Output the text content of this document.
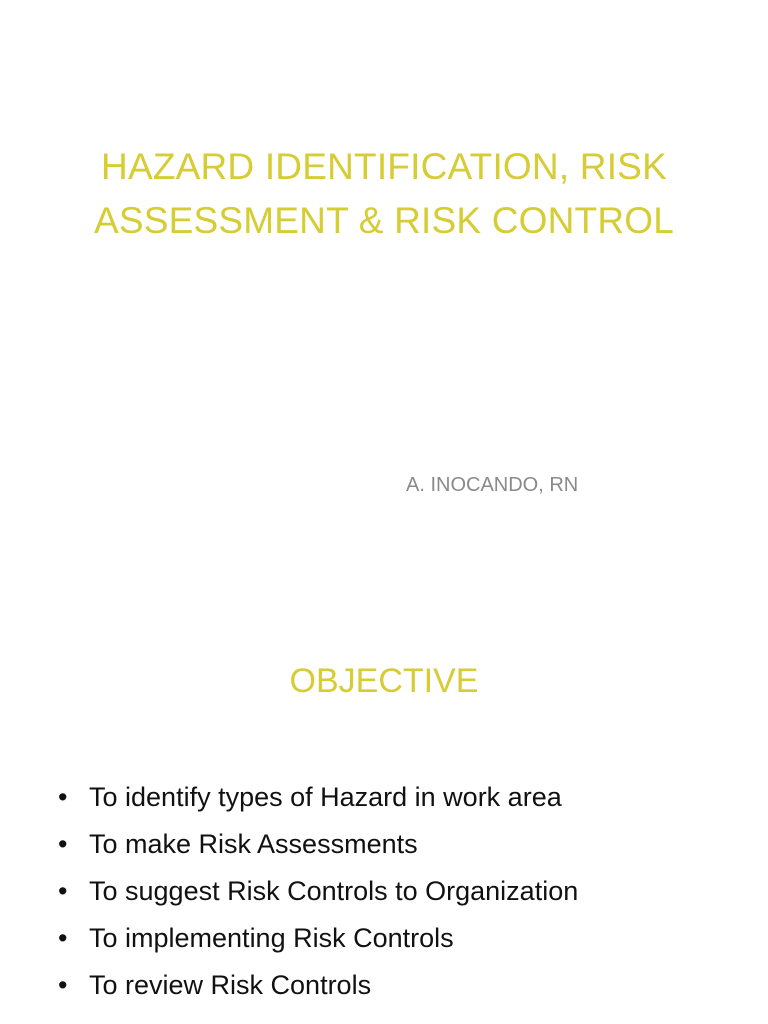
HAZARD IDENTIFICATION, RISK
ASSESSMENT & RISK CONTROL
A. INOCANDO, RN
OBJECTIVE
• To identify types of Hazard in work area
• To make Risk Assessments
• To suggest Risk Controls to Organization
• To implementing Risk Controls
• To review Risk Controls
